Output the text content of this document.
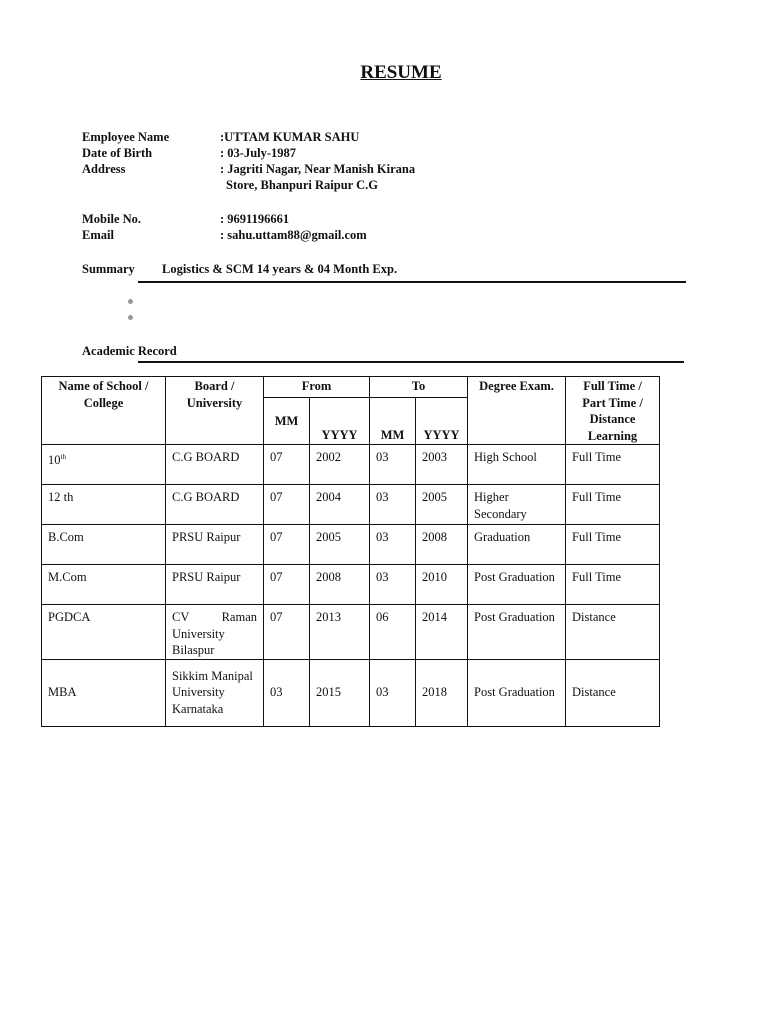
RESUME
Employee Name	:UTTAM KUMAR SAHU
Date of Birth	: 03-July-1987
Address	: Jagriti Nagar, Near Manish Kirana
Store, Bhanpuri Raipur C.G
Mobile No.	: 9691196661
Email	: sahu.uttam88@gmail.com
Summary Logistics & SCM 14 years & 04 Month Exp.
Academic Record
Name of School / College	Board / University	From		To		Degree Exam.	Full Time / Part Time / Distance Learning
		MM	YYYY	MM	YYYY		
10th	C.G BOARD	07	2002	03	2003	High School	Full Time
12 th	C.G BOARD	07	2004	03	2005	Higher Secondary	Full Time
B.Com	PRSU Raipur	07	2005	03	2008	Graduation	Full Time
M.Com	PRSU Raipur	07	2008	03	2010	Post Graduation	Full Time
PGDCA	CV Raman University Bilaspur	07	2013	06	2014	Post Graduation	Distance
MBA	Sikkim Manipal University Karnataka	03	2015	03	2018	Post Graduation	Distance
